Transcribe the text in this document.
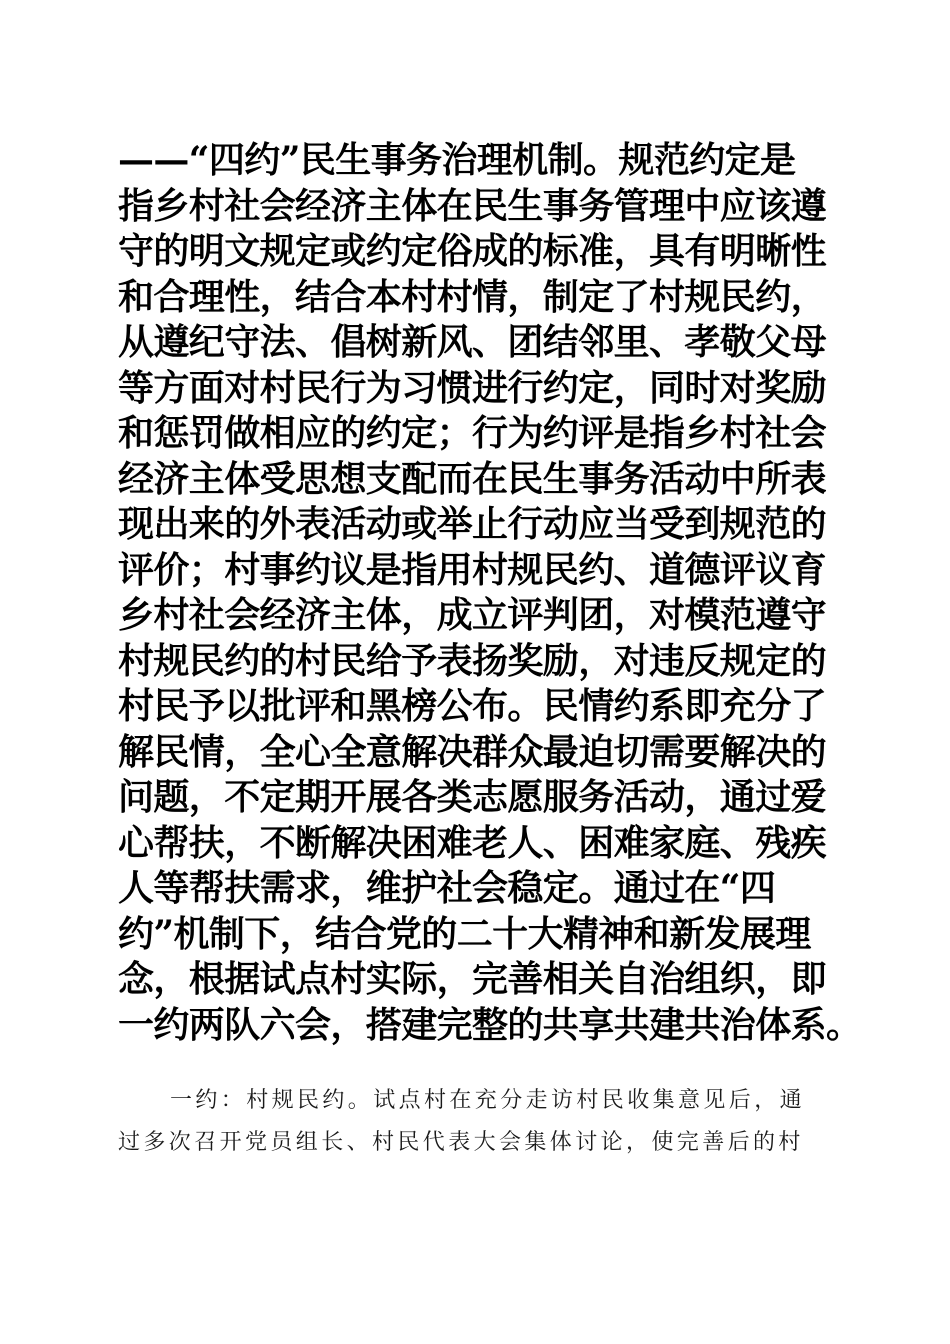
——“四约”民生事务治理机制。规范约定是
指乡村社会经济主体在民生事务管理中应该遵
守的明文规定或约定俗成的标准，具有明晰性
和合理性，结合本村村情，制定了村规民约，
从遵纪守法、倡树新风、团结邻里、孝敬父母
等方面对村民行为习惯进行约定，同时对奖励
和惩罚做相应的约定；行为约评是指乡村社会
经济主体受思想支配而在民生事务活动中所表
现出来的外表活动或举止行动应当受到规范的
评价；村事约议是指用村规民约、道德评议育
乡村社会经济主体，成立评判团，对模范遵守
村规民约的村民给予表扬奖励，对违反规定的
村民予以批评和黑榜公布。民情约系即充分了
解民情，全心全意解决群众最迫切需要解决的
问题，不定期开展各类志愿服务活动，通过爱
心帮扶，不断解决困难老人、困难家庭、残疾
人等帮扶需求，维护社会稳定。通过在“四
约”机制下，结合党的二十大精神和新发展理
念，根据试点村实际，完善相关自治组织，即
一约两队六会，搭建完整的共享共建共治体系。
一约：村规民约。试点村在充分走访村民收集意见后，通
过多次召开党员组长、村民代表大会集体讨论，使完善后的村
